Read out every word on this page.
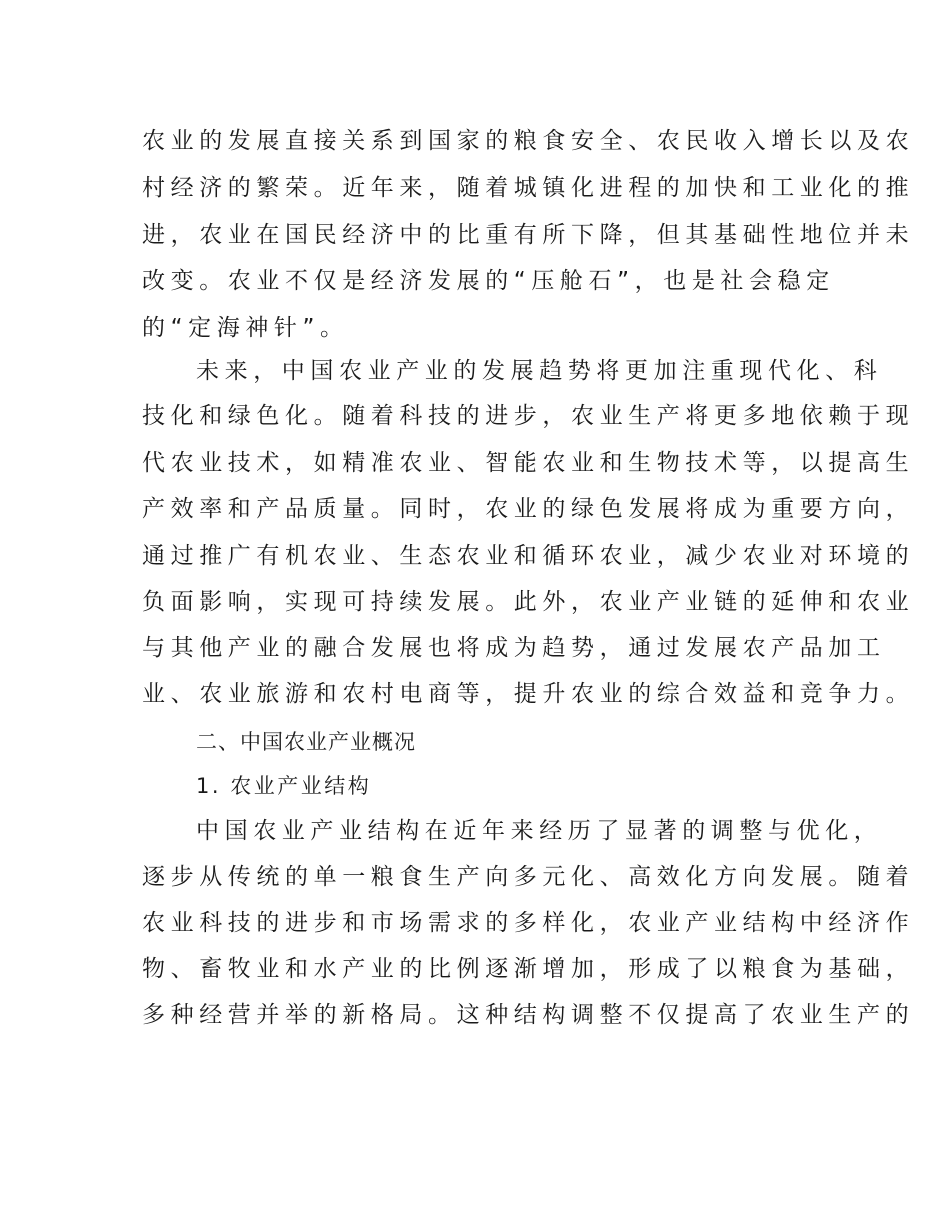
农业的发展直接关系到国家的粮食安全、农民收入增长以及农
村经济的繁荣。近年来，随着城镇化进程的加快和工业化的推
进，农业在国民经济中的比重有所下降，但其基础性地位并未
改变。农业不仅是经济发展的“压舱石”，也是社会稳定
的“定海神针”。
未来，中国农业产业的发展趋势将更加注重现代化、科
技化和绿色化。随着科技的进步，农业生产将更多地依赖于现
代农业技术，如精准农业、智能农业和生物技术等，以提高生
产效率和产品质量。同时，农业的绿色发展将成为重要方向，
通过推广有机农业、生态农业和循环农业，减少农业对环境的
负面影响，实现可持续发展。此外，农业产业链的延伸和农业
与其他产业的融合发展也将成为趋势，通过发展农产品加工
业、农业旅游和农村电商等，提升农业的综合效益和竞争力。
二、中国农业产业概况
1. 农业产业结构
中国农业产业结构在近年来经历了显著的调整与优化，
逐步从传统的单一粮食生产向多元化、高效化方向发展。随着
农业科技的进步和市场需求的多样化，农业产业结构中经济作
物、畜牧业和水产业的比例逐渐增加，形成了以粮食为基础，
多种经营并举的新格局。这种结构调整不仅提高了农业生产的
